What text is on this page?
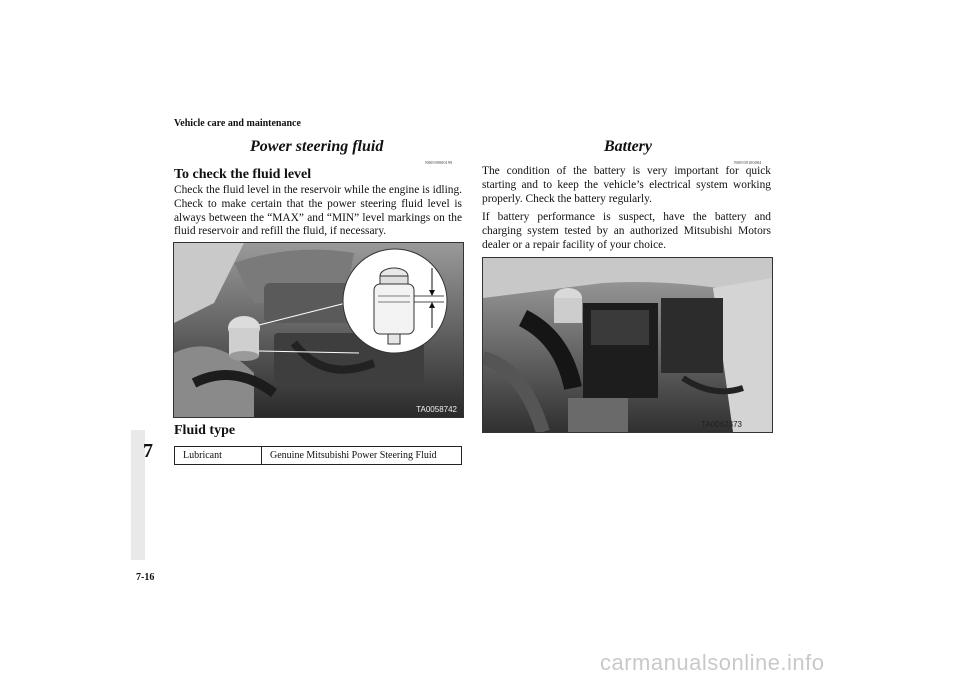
Vehicle care and maintenance
7
7-16
Power steering fluid
N00939000199
To check the fluid level
Check the fluid level in the reservoir while the engine is idling. Check to make certain that the power steering fluid level is always between the “MAX” and “MIN” level markings on the fluid reservoir and refill the fluid, if necessary.
TA0058742
Fluid type
Lubricant	Genuine Mitsubishi Power Steering Fluid
Battery
N00939100084
The condition of the battery is very important for quick starting and to keep the vehicle’s electrical system working properly. Check the battery regularly.
If battery performance is suspect, have the battery and charging system tested by an authorized Mitsubishi Motors dealer or a repair facility of your choice.
TA0062373
carmanualsonline.info
